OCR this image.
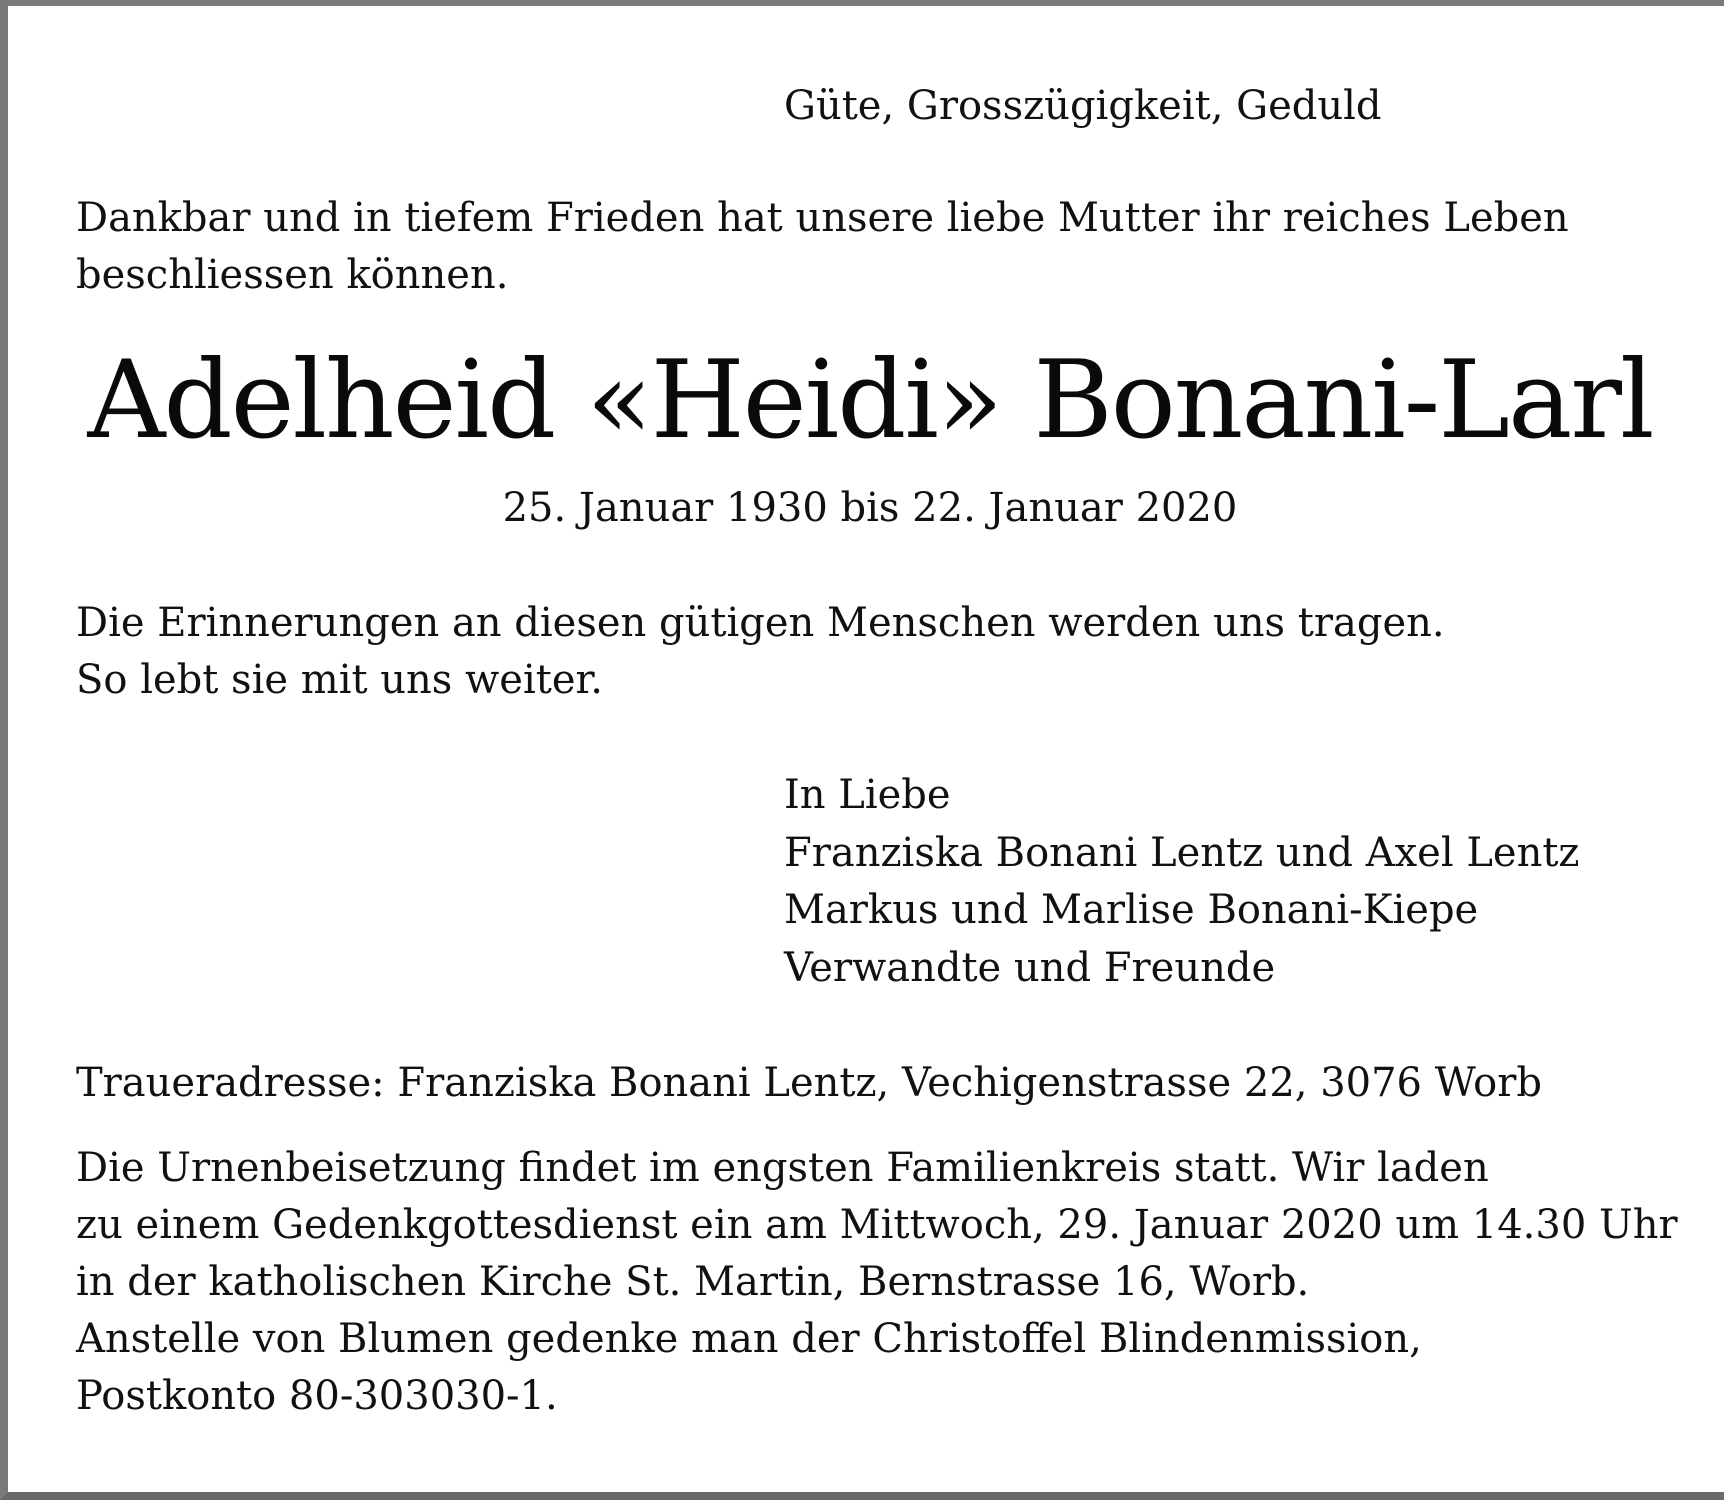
Güte, Grosszügigkeit, Geduld
Dankbar und in tiefem Frieden hat unsere liebe Mutter ihr reiches Leben
beschliessen können.
Adelheid «Heidi» Bonani-Larl
25. Januar 1930 bis 22. Januar 2020
Die Erinnerungen an diesen gütigen Menschen werden uns tragen.
So lebt sie mit uns weiter.
In Liebe
Franziska Bonani Lentz und Axel Lentz
Markus und Marlise Bonani-Kiepe
Verwandte und Freunde
Traueradresse: Franziska Bonani Lentz, Vechigenstrasse 22, 3076 Worb
Die Urnenbeisetzung findet im engsten Familienkreis statt. Wir laden
zu einem Gedenkgottesdienst ein am Mittwoch, 29. Januar 2020 um 14.30 Uhr
in der katholischen Kirche St. Martin, Bernstrasse 16, Worb.
Anstelle von Blumen gedenke man der Christoffel Blindenmission,
Postkonto 80-303030-1.
